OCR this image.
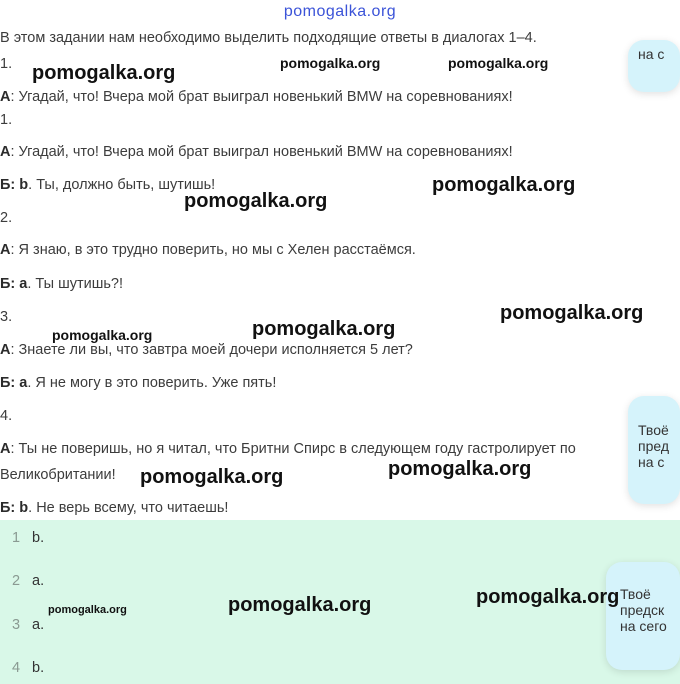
pomogalka.org
В этом задании нам необходимо выделить подходящие ответы в диалогах 1–4.
1.
А: Угадай, что! Вчера мой брат выиграл новенький BMW на соревнованиях!
1.
А: Угадай, что! Вчера мой брат выиграл новенький BMW на соревнованиях!
Б: b. Ты, должно быть, шутишь!
2.
А: Я знаю, в это трудно поверить, но мы с Хелен расстаёмся.
Б: a. Ты шутишь?!
3.
А: Знаете ли вы, что завтра моей дочери исполняется 5 лет?
Б: a. Я не могу в это поверить. Уже пять!
4.
А: Ты не поверишь, но я читал, что Бритни Спирс в следующем году гастролирует по
Великобритании!
Б: b. Не верь всему, что читаешь!
1 b.
2 a.
3 a.
4 b.
на с
Твоё
пред
на с
Твоё
предск
на сего
pomogalka.org	pomogalka.org	pomogalka.org
pomogalka.org
pomogalka.org
pomogalka.org
pomogalka.org
pomogalka.org
pomogalka.org
pomogalka.org
pomogalka.org
pomogalka.org
pomogalka.org
